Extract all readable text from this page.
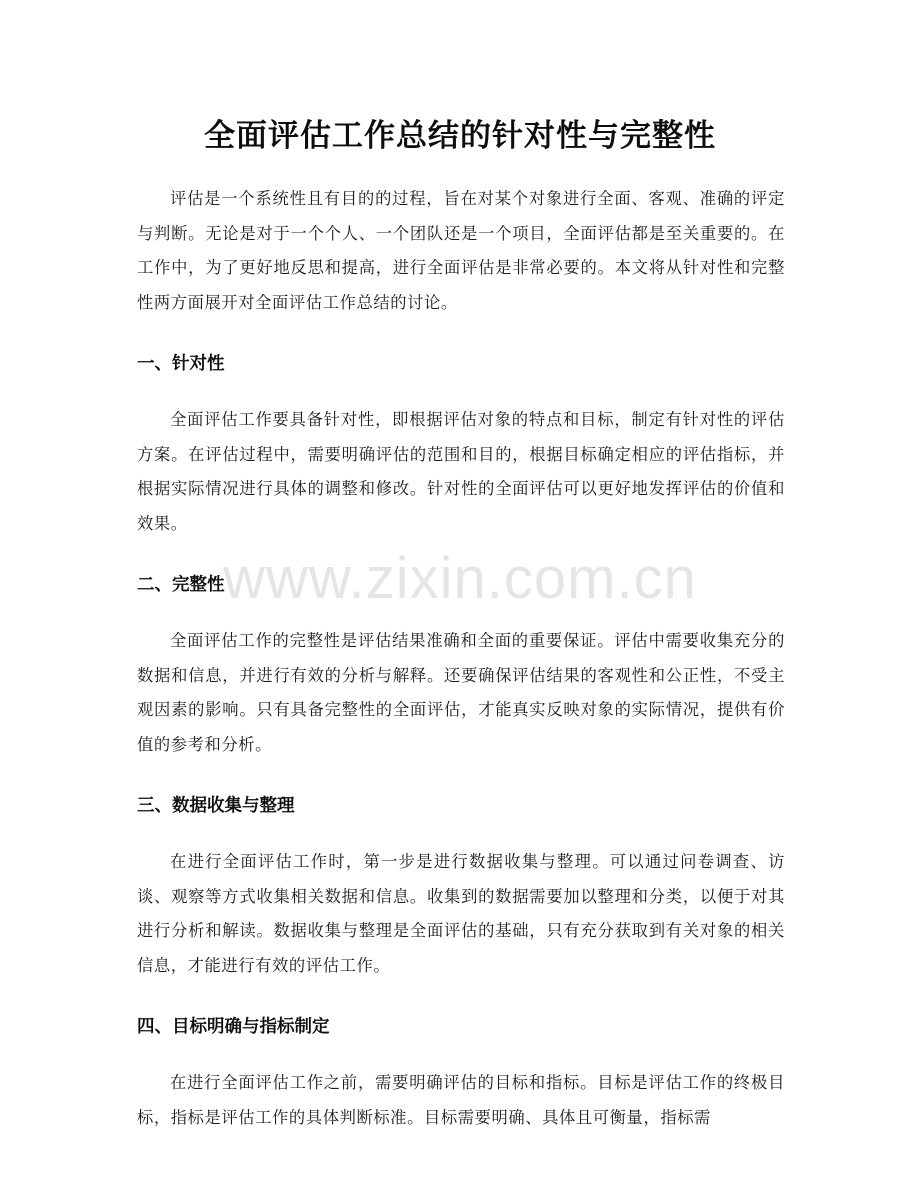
www.zixin.com.cn
全面评估工作总结的针对性与完整性

评估是一个系统性且有目的的过程，旨在对某个对象进行全面、客观、准确的评定与判断。无论是对于一个个人、一个团队还是一个项目，全面评估都是至关重要的。在工作中，为了更好地反思和提高，进行全面评估是非常必要的。本文将从针对性和完整性两方面展开对全面评估工作总结的讨论。

一、针对性

全面评估工作要具备针对性，即根据评估对象的特点和目标，制定有针对性的评估方案。在评估过程中，需要明确评估的范围和目的，根据目标确定相应的评估指标，并根据实际情况进行具体的调整和修改。针对性的全面评估可以更好地发挥评估的价值和效果。

二、完整性

全面评估工作的完整性是评估结果准确和全面的重要保证。评估中需要收集充分的数据和信息，并进行有效的分析与解释。还要确保评估结果的客观性和公正性，不受主观因素的影响。只有具备完整性的全面评估，才能真实反映对象的实际情况，提供有价值的参考和分析。

三、数据收集与整理

在进行全面评估工作时，第一步是进行数据收集与整理。可以通过问卷调查、访谈、观察等方式收集相关数据和信息。收集到的数据需要加以整理和分类，以便于对其进行分析和解读。数据收集与整理是全面评估的基础，只有充分获取到有关对象的相关信息，才能进行有效的评估工作。

四、目标明确与指标制定

在进行全面评估工作之前，需要明确评估的目标和指标。目标是评估工作的终极目标，指标是评估工作的具体判断标准。目标需要明确、具体且可衡量，指标需
